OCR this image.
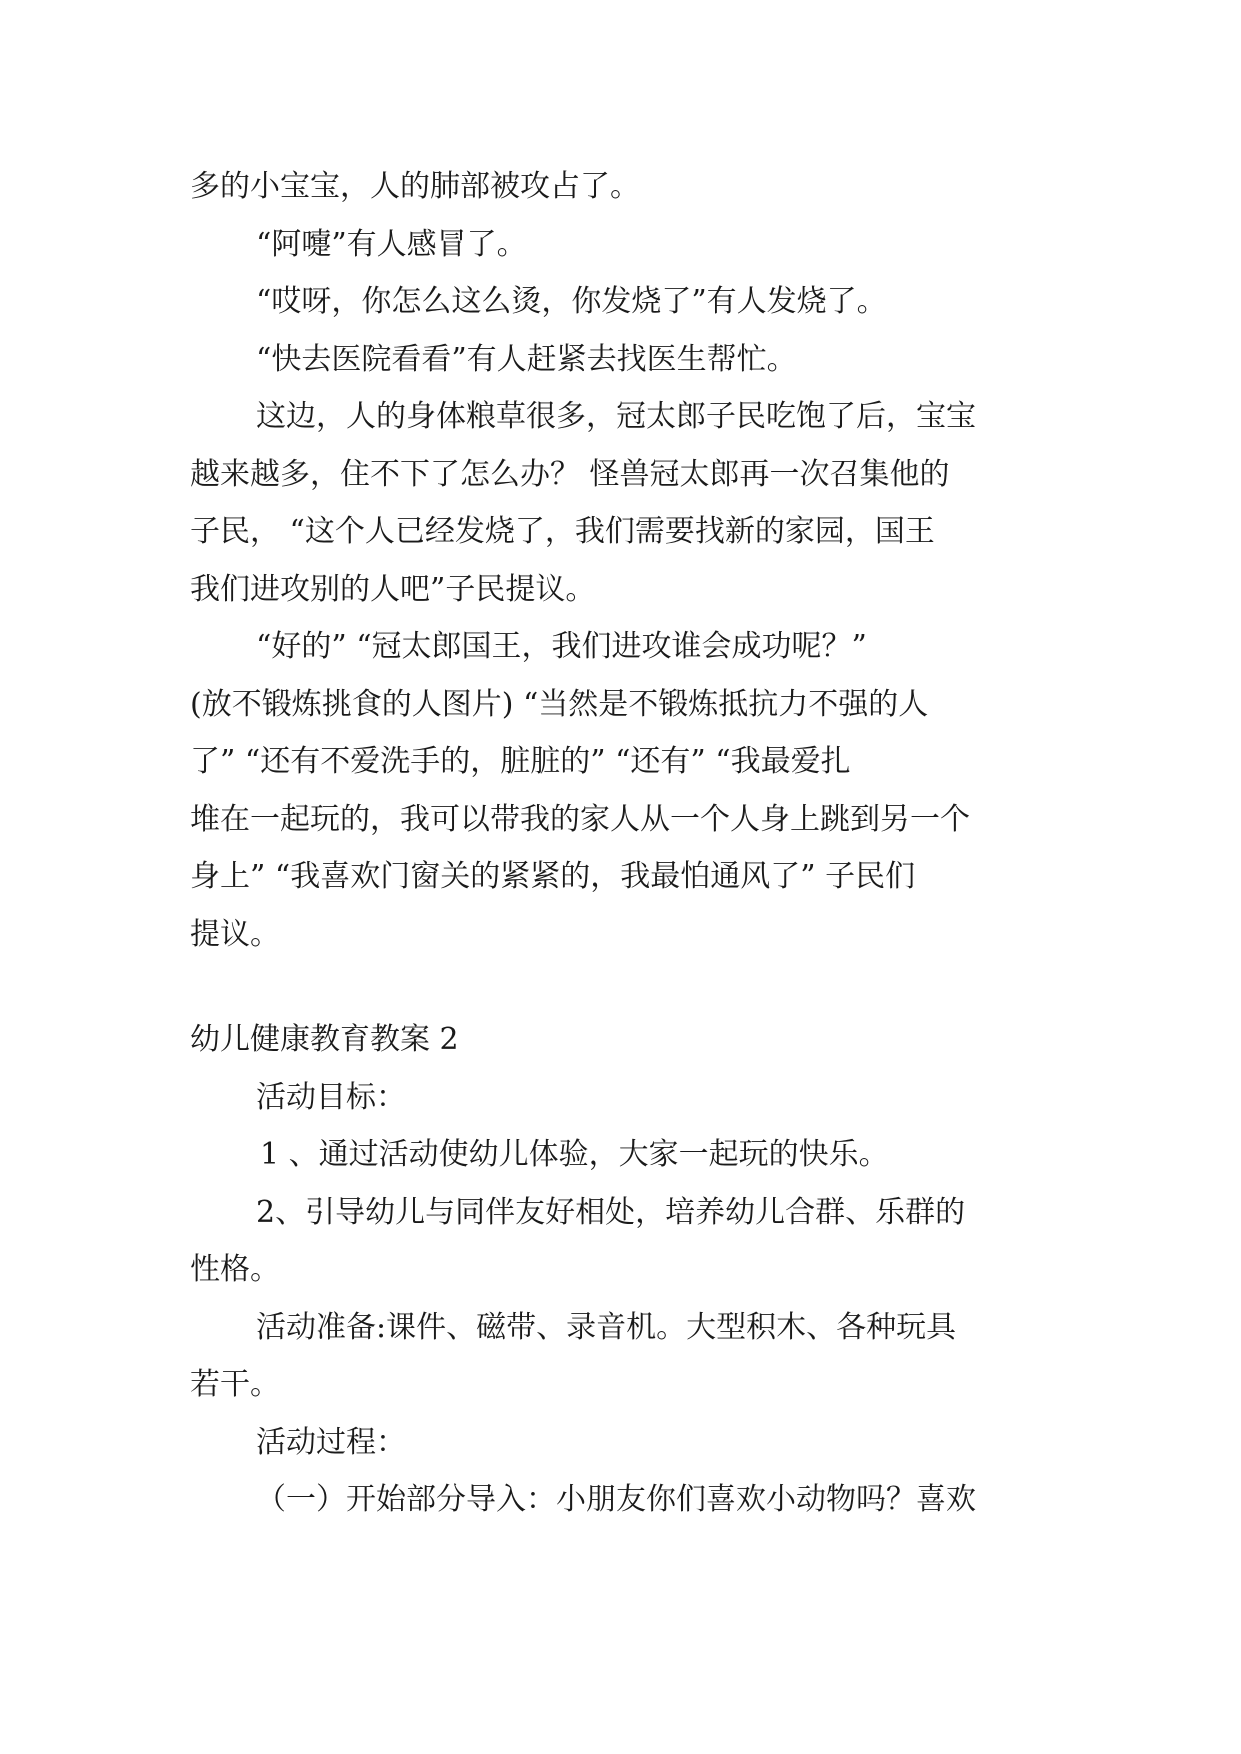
多的小宝宝，人的肺部被攻占了。
“阿嚏”有人感冒了。
“哎呀，你怎么这么烫，你发烧了”有人发烧了。
“快去医院看看”有人赶紧去找医生帮忙。
这边，人的身体粮草很多，冠太郎子民吃饱了后，宝宝
越来越多，住不下了怎么办？ 怪兽冠太郎再一次召集他的
子民， “这个人已经发烧了，我们需要找新的家园，国王
我们进攻别的人吧”子民提议。
“好的” “冠太郎国王，我们进攻谁会成功呢？”
(放不锻炼挑食的人图片) “当然是不锻炼抵抗力不强的人
了” “还有不爱洗手的，脏脏的” “还有” “我最爱扎
堆在一起玩的，我可以带我的家人从一个人身上跳到另一个
身上” “我喜欢门窗关的紧紧的，我最怕通风了” 子民们
提议。
幼儿健康教育教案 2
活动目标：
1 、通过活动使幼儿体验，大家一起玩的快乐。
2、引导幼儿与同伴友好相处，培养幼儿合群、乐群的
性格。
活动准备:课件、磁带、录音机。大型积木、各种玩具
若干。
活动过程：
（一）开始部分导入：小朋友你们喜欢小动物吗？喜欢
